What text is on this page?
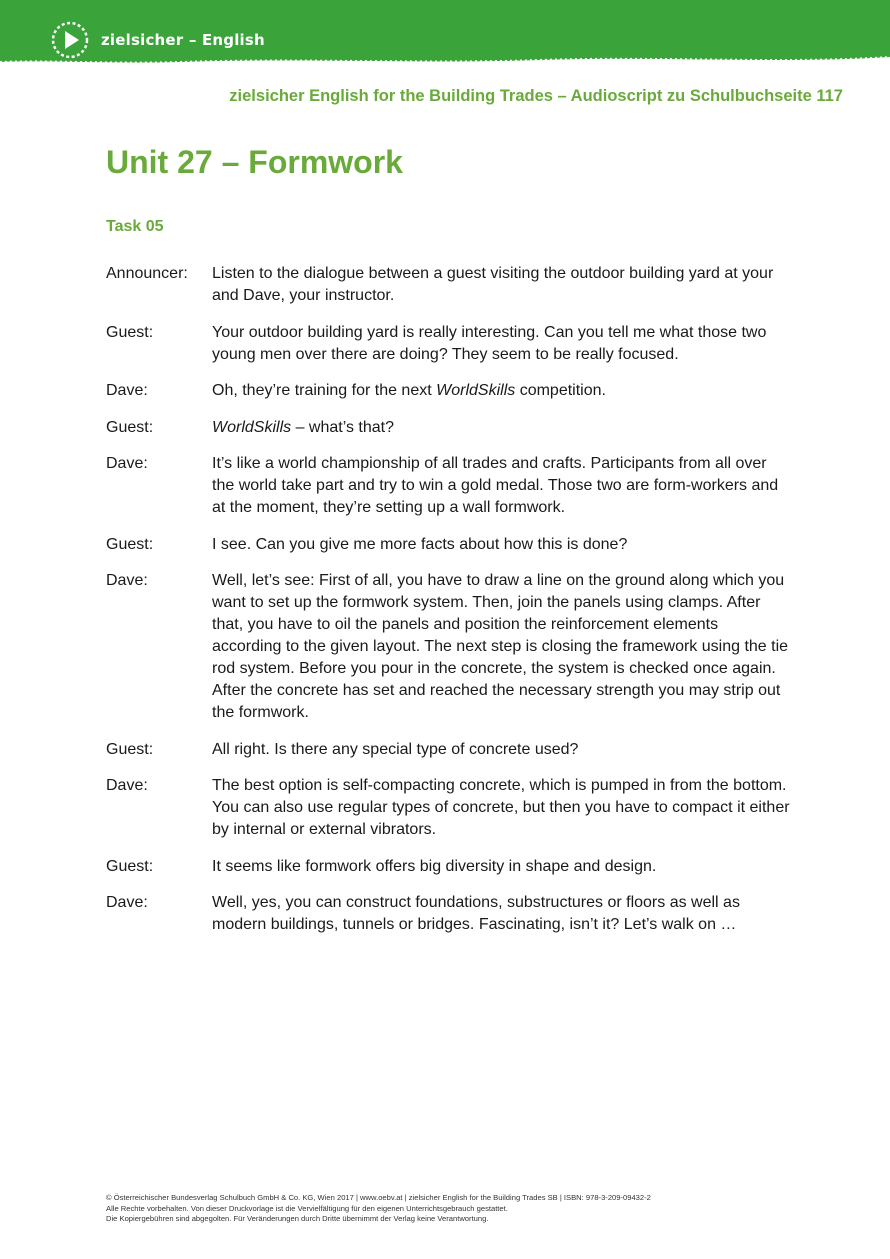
zielsicher – English
zielsicher English for the Building Trades – Audioscript zu Schulbuchseite 117
Unit 27 – Formwork
Task 05
Announcer:	Listen to the dialogue between a guest visiting the outdoor building yard at your and Dave, your instructor.
Guest:	Your outdoor building yard is really interesting. Can you tell me what those two young men over there are doing? They seem to be really focused.
Dave:	Oh, they’re training for the next WorldSkills competition.
Guest:	WorldSkills – what’s that?
Dave:	It’s like a world championship of all trades and crafts. Participants from all over the world take part and try to win a gold medal. Those two are form-workers and at the moment, they’re setting up a wall formwork.
Guest:	I see. Can you give me more facts about how this is done?
Dave:	Well, let’s see: First of all, you have to draw a line on the ground along which you want to set up the formwork system. Then, join the panels using clamps. After that, you have to oil the panels and position the reinforcement elements according to the given layout. The next step is closing the framework using the tie rod system. Before you pour in the concrete, the system is checked once again. After the concrete has set and reached the necessary strength you may strip out the formwork.
Guest:	All right. Is there any special type of concrete used?
Dave:	The best option is self-compacting concrete, which is pumped in from the bottom. You can also use regular types of concrete, but then you have to compact it either by internal or external vibrators.
Guest:	It seems like formwork offers big diversity in shape and design.
Dave:	Well, yes, you can construct foundations, substructures or floors as well as modern buildings, tunnels or bridges. Fascinating, isn’t it? Let’s walk on …
© Österreichischer Bundesverlag Schulbuch GmbH & Co. KG, Wien 2017 | www.oebv.at | zielsicher English for the Building Trades SB | ISBN: 978-3-209-09432-2
Alle Rechte vorbehalten. Von dieser Druckvorlage ist die Vervielfältigung für den eigenen Unterrichtsgebrauch gestattet.
Die Kopiergebühren sind abgegolten. Für Veränderungen durch Dritte übernimmt der Verlag keine Verantwortung.
